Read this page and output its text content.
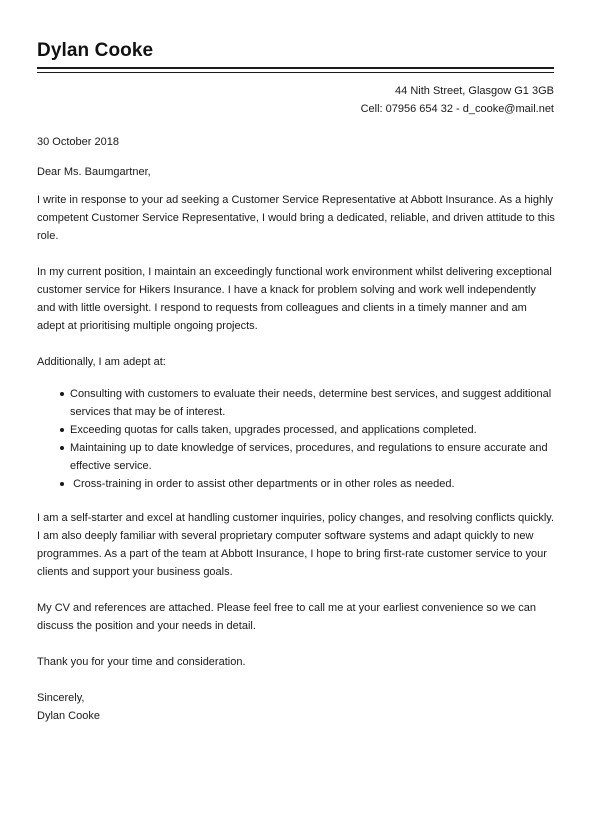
Dylan Cooke
44 Nith Street, Glasgow G1 3GB
Cell: 07956 654 32 - d_cooke@mail.net

30 October 2018

Dear Ms. Baumgartner,

I write in response to your ad seeking a Customer Service Representative at Abbott Insurance. As a highly competent Customer Service Representative, I would bring a dedicated, reliable, and driven attitude to this role.

In my current position, I maintain an exceedingly functional work environment whilst delivering exceptional customer service for Hikers Insurance. I have a knack for problem solving and work well independently and with little oversight. I respond to requests from colleagues and clients in a timely manner and am adept at prioritising multiple ongoing projects.

Additionally, I am adept at:

Consulting with customers to evaluate their needs, determine best services, and suggest additional services that may be of interest.
Exceeding quotas for calls taken, upgrades processed, and applications completed.
Maintaining up to date knowledge of services, procedures, and regulations to ensure accurate and effective service.
Cross-training in order to assist other departments or in other roles as needed.

I am a self-starter and excel at handling customer inquiries, policy changes, and resolving conflicts quickly. I am also deeply familiar with several proprietary computer software systems and adapt quickly to new programmes. As a part of the team at Abbott Insurance, I hope to bring first-rate customer service to your clients and support your business goals.

My CV and references are attached. Please feel free to call me at your earliest convenience so we can discuss the position and your needs in detail.

Thank you for your time and consideration.

Sincerely,

Dylan Cooke
